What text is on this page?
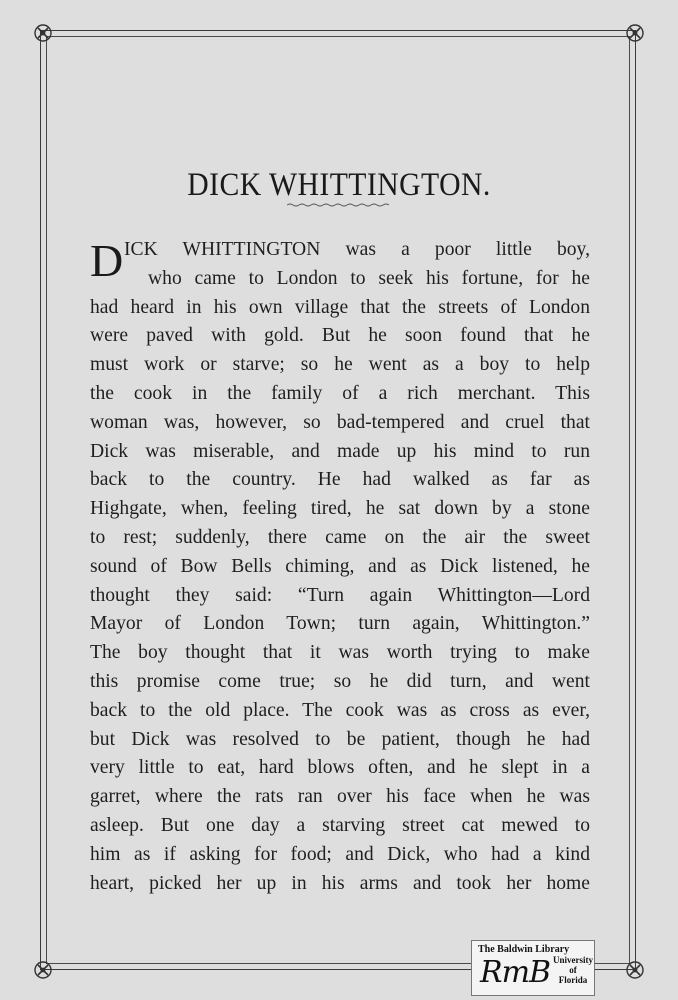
DICK WHITTINGTON.
D ICK WHITTINGTON was a poor little boy,
who came to London to seek his fortune, for he
had heard in his own village that the streets of London
were paved with gold. But he soon found that he
must work or starve; so he went as a boy to help
the cook in the family of a rich merchant. This
woman was, however, so bad-tempered and cruel that
Dick was miserable, and made up his mind to run
back to the country. He had walked as far as
Highgate, when, feeling tired, he sat down by a stone
to rest; suddenly, there came on the air the sweet
sound of Bow Bells chiming, and as Dick listened, he
thought they said: “Turn again Whittington—Lord
Mayor of London Town; turn again, Whittington.”
The boy thought that it was worth trying to make
this promise come true; so he did turn, and went
back to the old place. The cook was as cross as ever,
but Dick was resolved to be patient, though he had
very little to eat, hard blows often, and he slept in a
garret, where the rats ran over his face when he was
asleep. But one day a starving street cat mewed to
him as if asking for food; and Dick, who had a kind
heart, picked her up in his arms and took her home
The Baldwin Library
RmB University
of
Florida
